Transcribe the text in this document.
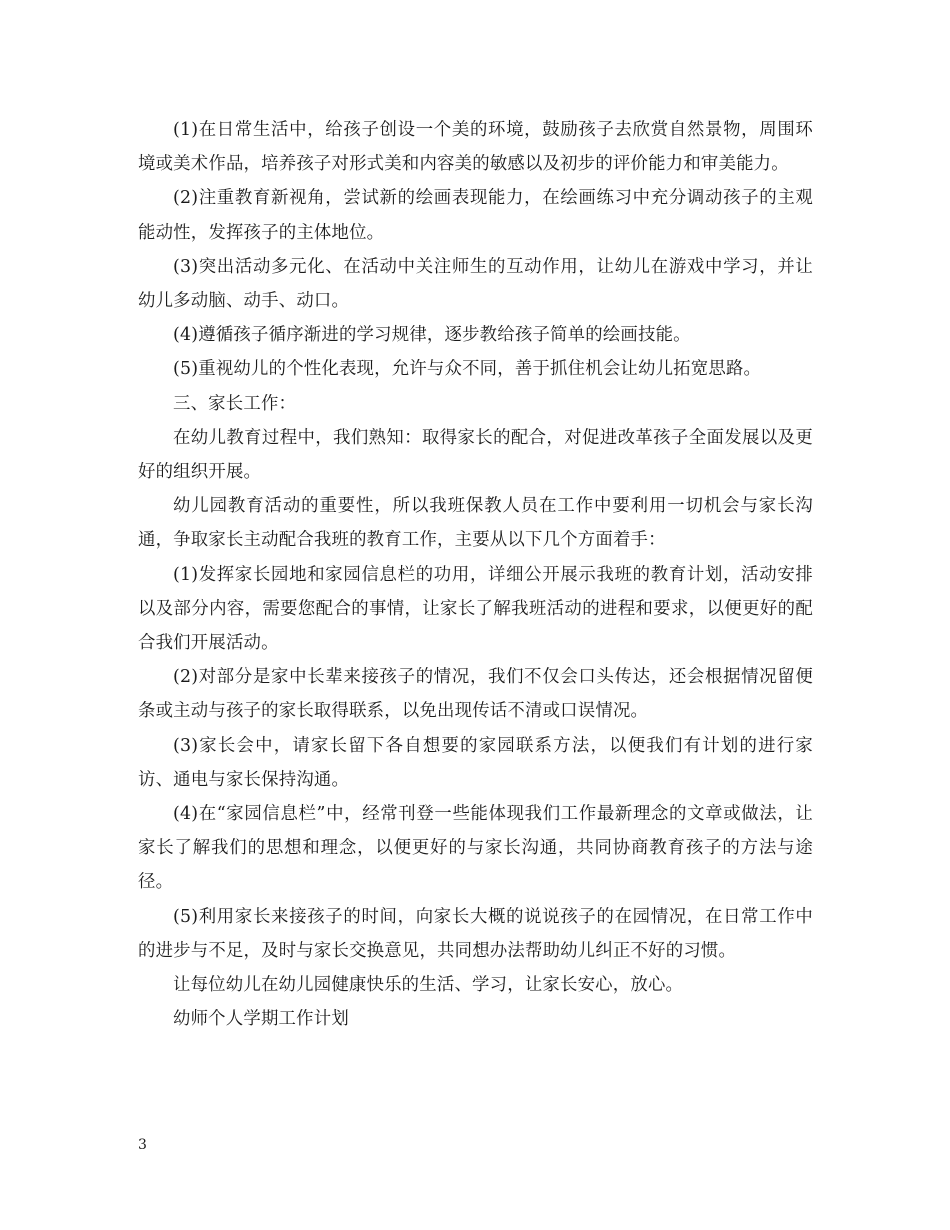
(1)在日常生活中，给孩子创设一个美的环境，鼓励孩子去欣赏自然景物，周围环境或美术作品，培养孩子对形式美和内容美的敏感以及初步的评价能力和审美能力。

(2)注重教育新视角，尝试新的绘画表现能力，在绘画练习中充分调动孩子的主观能动性，发挥孩子的主体地位。

(3)突出活动多元化、在活动中关注师生的互动作用，让幼儿在游戏中学习，并让幼儿多动脑、动手、动口。

(4)遵循孩子循序渐进的学习规律，逐步教给孩子简单的绘画技能。

(5)重视幼儿的个性化表现，允许与众不同，善于抓住机会让幼儿拓宽思路。

三、家长工作：

在幼儿教育过程中，我们熟知：取得家长的配合，对促进改革孩子全面发展以及更好的组织开展。

幼儿园教育活动的重要性，所以我班保教人员在工作中要利用一切机会与家长沟通，争取家长主动配合我班的教育工作，主要从以下几个方面着手：

(1)发挥家长园地和家园信息栏的功用，详细公开展示我班的教育计划，活动安排以及部分内容，需要您配合的事情，让家长了解我班活动的进程和要求，以便更好的配合我们开展活动。

(2)对部分是家中长辈来接孩子的情况，我们不仅会口头传达，还会根据情况留便条或主动与孩子的家长取得联系，以免出现传话不清或口误情况。

(3)家长会中，请家长留下各自想要的家园联系方法，以便我们有计划的进行家访、通电与家长保持沟通。

(4)在“家园信息栏”中，经常刊登一些能体现我们工作最新理念的文章或做法，让家长了解我们的思想和理念，以便更好的与家长沟通，共同协商教育孩子的方法与途径。

(5)利用家长来接孩子的时间，向家长大概的说说孩子的在园情况，在日常工作中的进步与不足，及时与家长交换意见，共同想办法帮助幼儿纠正不好的习惯。

让每位幼儿在幼儿园健康快乐的生活、学习，让家长安心，放心。

幼师个人学期工作计划

3
